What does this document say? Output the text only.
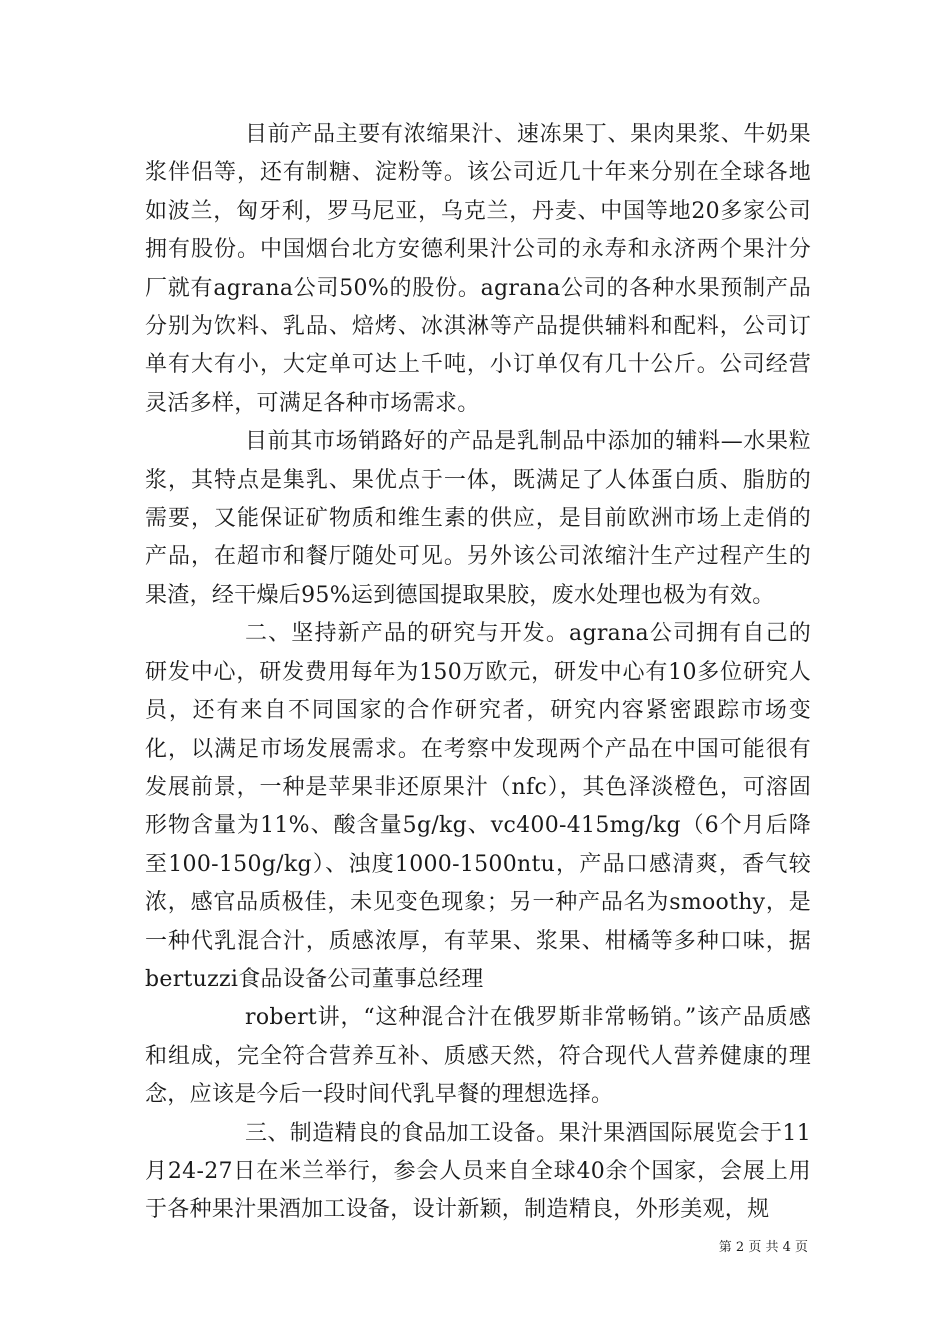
目前产品主要有浓缩果汁、速冻果丁、果肉果浆、牛奶果浆伴侣等，还有制糖、淀粉等。该公司近几十年来分别在全球各地如波兰，匈牙利，罗马尼亚，乌克兰，丹麦、中国等地20多家公司拥有股份。中国烟台北方安德利果汁公司的永寿和永济两个果汁分厂就有agrana公司50%的股份。agrana公司的各种水果预制产品分别为饮料、乳品、焙烤、冰淇淋等产品提供辅料和配料，公司订单有大有小，大定单可达上千吨，小订单仅有几十公斤。公司经营灵活多样，可满足各种市场需求。

目前其市场销路好的产品是乳制品中添加的辅料—水果粒浆，其特点是集乳、果优点于一体，既满足了人体蛋白质、脂肪的需要，又能保证矿物质和维生素的供应，是目前欧洲市场上走俏的产品，在超市和餐厅随处可见。另外该公司浓缩汁生产过程产生的果渣，经干燥后95%运到德国提取果胶，废水处理也极为有效。

二、坚持新产品的研究与开发。agrana公司拥有自己的研发中心，研发费用每年为150万欧元，研发中心有10多位研究人员，还有来自不同国家的合作研究者，研究内容紧密跟踪市场变化，以满足市场发展需求。在考察中发现两个产品在中国可能很有发展前景，一种是苹果非还原果汁（nfc），其色泽淡橙色，可溶固形物含量为11%、酸含量5g/kg、vc400-415mg/kg（6个月后降至100-150g/kg）、浊度1000-1500ntu，产品口感清爽，香气较浓，感官品质极佳，未见变色现象；另一种产品名为smoothy，是一种代乳混合汁，质感浓厚，有苹果、浆果、柑橘等多种口味，据bertuzzi食品设备公司董事总经理

robert讲，“这种混合汁在俄罗斯非常畅销。”该产品质感和组成，完全符合营养互补、质感天然，符合现代人营养健康的理念，应该是今后一段时间代乳早餐的理想选择。

三、制造精良的食品加工设备。果汁果酒国际展览会于11月24-27日在米兰举行，参会人员来自全球40余个国家，会展上用于各种果汁果酒加工设备，设计新颖，制造精良，外形美观，规

第 2 页 共 4 页
